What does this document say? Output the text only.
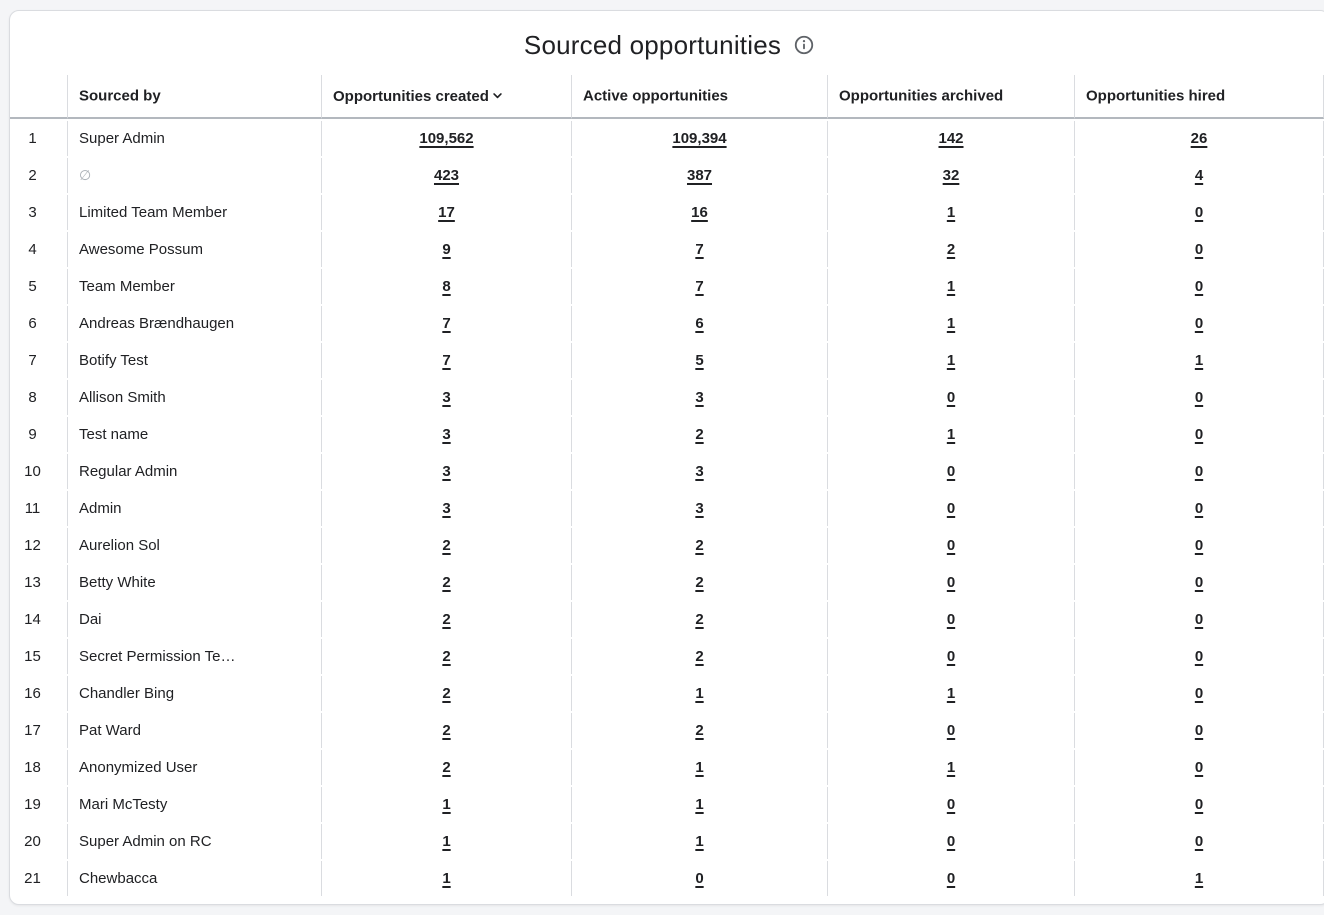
Sourced opportunities
	Sourced by	Opportunities created	Active opportunities	Opportunities archived	Opportunities hired	
1	Super Admin	109,562	109,394	142	26	
2	∅	423	387	32	4	
3	Limited Team Member	17	16	1	0	
4	Awesome Possum	9	7	2	0	
5	Team Member	8	7	1	0	
6	Andreas Brændhaugen	7	6	1	0	
7	Botify Test	7	5	1	1	
8	Allison Smith	3	3	0	0	
9	Test name	3	2	1	0	
10	Regular Admin	3	3	0	0	
11	Admin	3	3	0	0	
12	Aurelion Sol	2	2	0	0	
13	Betty White	2	2	0	0	
14	Dai	2	2	0	0	
15	Secret Permission Te…	2	2	0	0	
16	Chandler Bing	2	1	1	0	
17	Pat Ward	2	2	0	0	
18	Anonymized User	2	1	1	0	
19	Mari McTesty	1	1	0	0	
20	Super Admin on RC	1	1	0	0	
21	Chewbacca	1	0	0	1	
